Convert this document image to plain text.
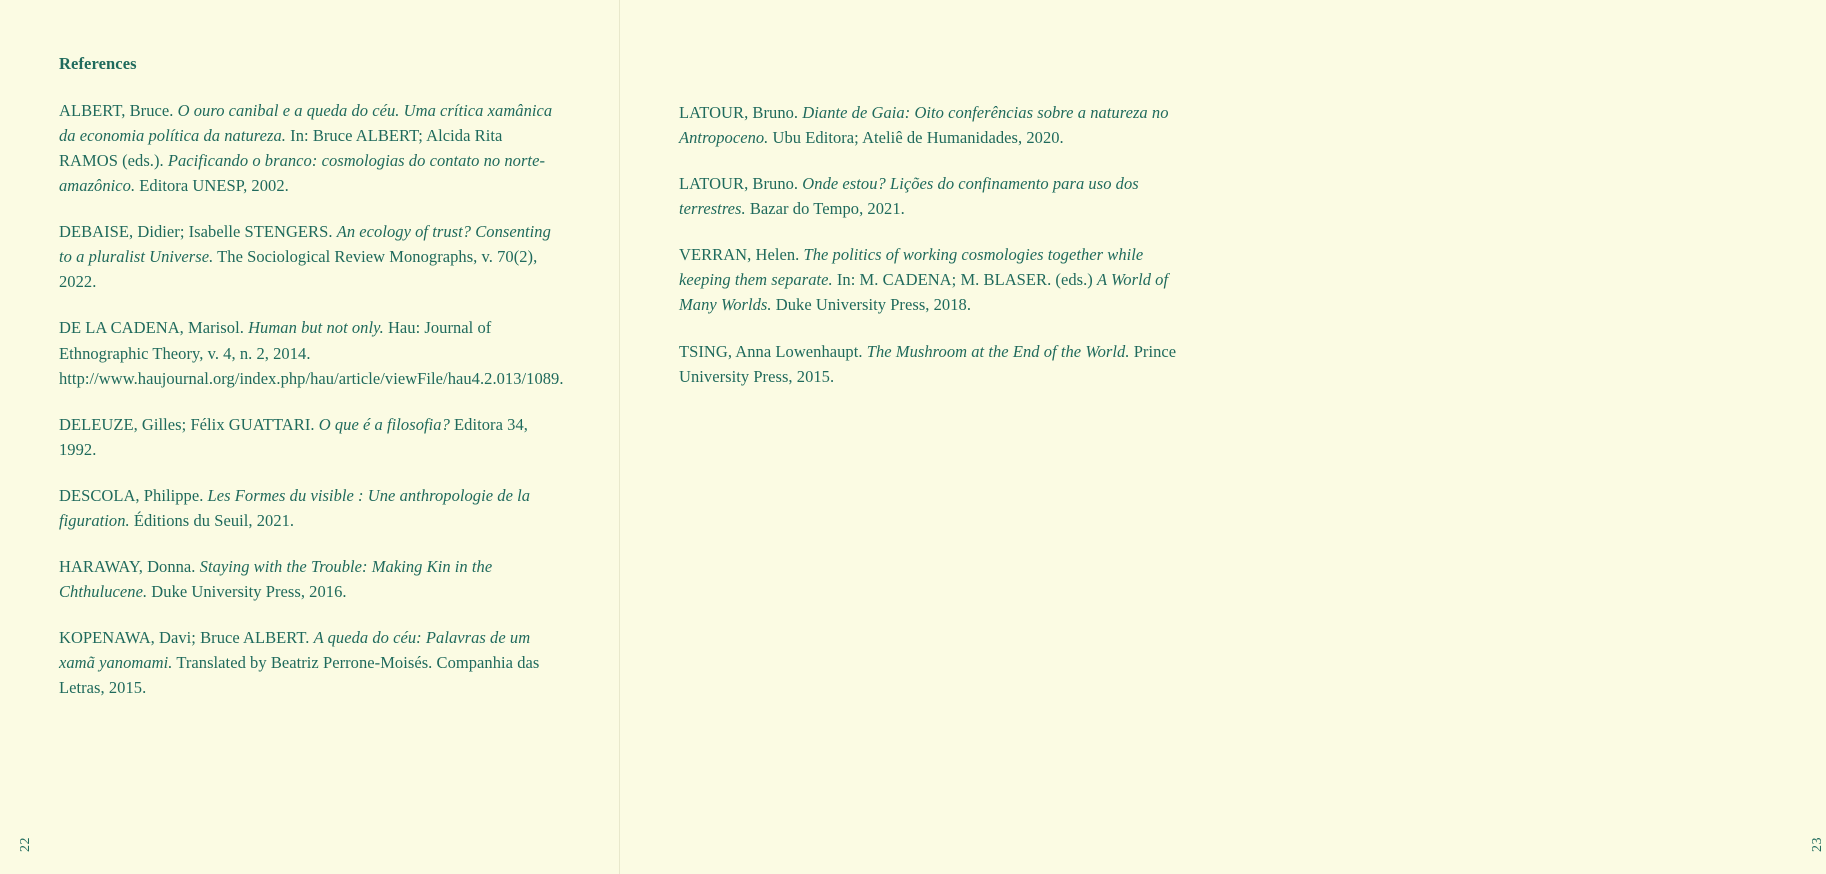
References

ALBERT, Bruce. O ouro canibal e a queda do céu. Uma crítica xamânica da economia política da natureza. In: Bruce ALBERT; Alcida Rita RAMOS (eds.). Pacificando o branco: cosmologias do contato no norte-amazônico. Editora UNESP, 2002.

DEBAISE, Didier; Isabelle STENGERS. An ecology of trust? Consenting to a pluralist Universe. The Sociological Review Monographs, v. 70(2), 2022.

DE LA CADENA, Marisol. Human but not only. Hau: Journal of Ethnographic Theory, v. 4, n. 2, 2014. http://www.haujournal.org/index.php/hau/article/viewFile/hau4.2.013/1089.

DELEUZE, Gilles; Félix GUATTARI. O que é a filosofia? Editora 34, 1992.

DESCOLA, Philippe. Les Formes du visible : Une anthropologie de la figuration. Éditions du Seuil, 2021.

HARAWAY, Donna. Staying with the Trouble: Making Kin in the Chthulucene. Duke University Press, 2016.

KOPENAWA, Davi; Bruce ALBERT. A queda do céu: Palavras de um xamã yanomami. Translated by Beatriz Perrone-Moisés. Companhia das Letras, 2015.

22

LATOUR, Bruno. Diante de Gaia: Oito conferências sobre a natureza no Antropoceno. Ubu Editora; Ateliê de Humanidades, 2020.

LATOUR, Bruno. Onde estou? Lições do confinamento para uso dos terrestres. Bazar do Tempo, 2021.

VERRAN, Helen. The politics of working cosmologies together while keeping them separate. In: M. CADENA; M. BLASER. (eds.) A World of Many Worlds. Duke University Press, 2018.

TSING, Anna Lowenhaupt. The Mushroom at the End of the World. Prince University Press, 2015.

23
